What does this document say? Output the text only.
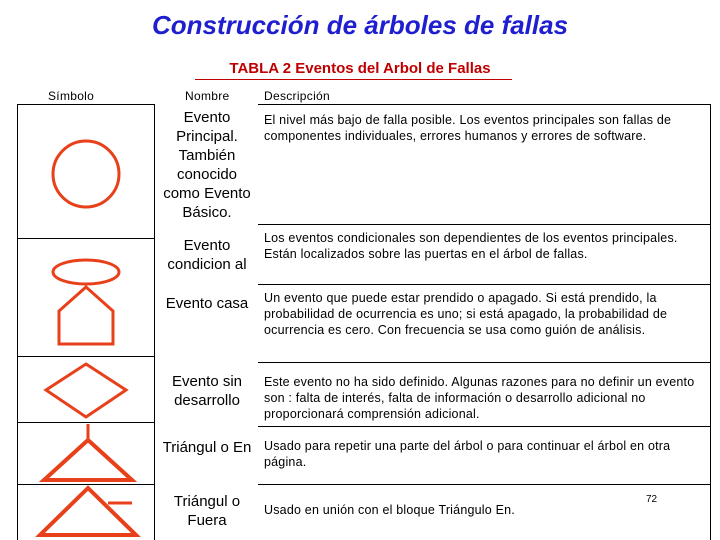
Construcción de árboles de fallas
TABLA 2 Eventos del Arbol de Fallas
Símbolo	Nombre	Descripción
Evento Principal. También conocido como Evento Básico.
Evento condicion al
Evento casa
Evento sin desarrollo
Triángul o En
Triángul o Fuera
El nivel más bajo de falla posible. Los eventos principales son fallas de componentes individuales, errores humanos y errores de software.
Los eventos condicionales son dependientes de los eventos principales. Están localizados sobre las puertas en el árbol de fallas.
Un evento que puede estar prendido o apagado. Si está prendido, la probabilidad de ocurrencia es uno; si está apagado, la probabilidad de ocurrencia es cero. Con frecuencia se usa como guión de análisis.
Este evento no ha sido definido. Algunas razones para no definir un evento son : falta de interés, falta de información o desarrollo adicional no proporcionará comprensión adicional.
Usado para repetir una parte del árbol o para continuar el árbol en otra página.
Usado en unión con el bloque Triángulo En.
72
